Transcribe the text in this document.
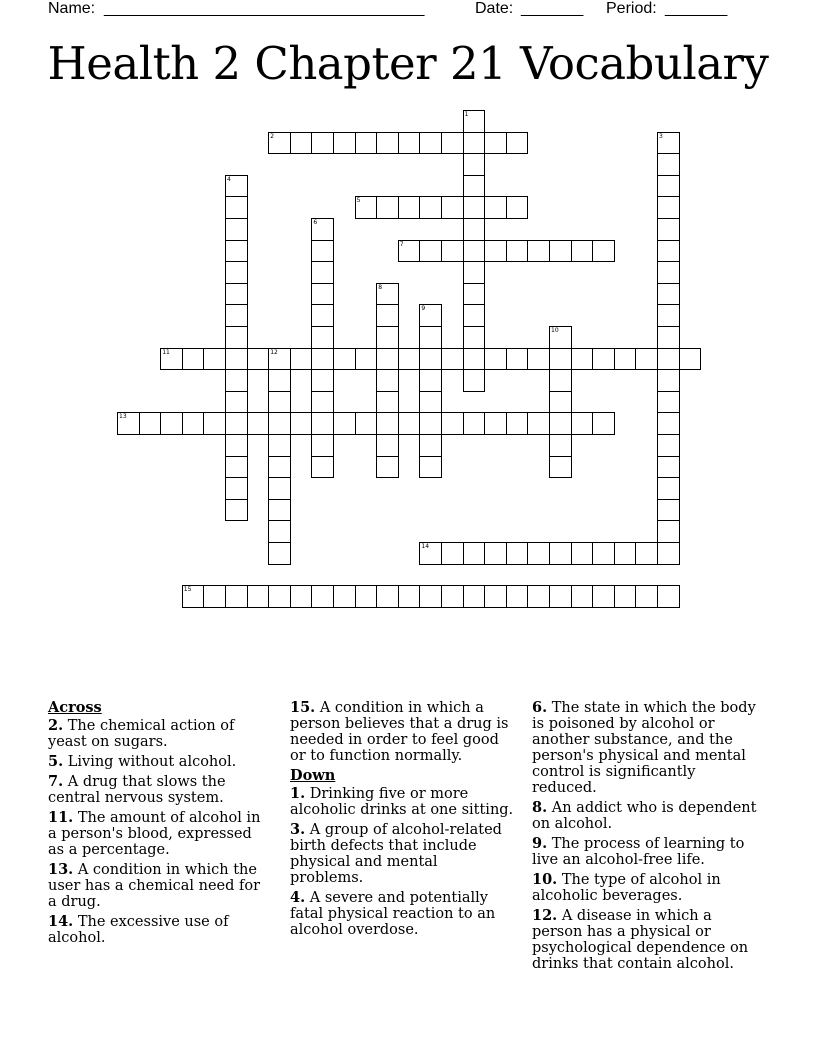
Name: ____________________________________	Date: _______ Period: _______
Health 2 Chapter 21 Vocabulary
1
2	3
4
5
6
7
8
9
10
11	12
13
14
15
Across
2. The chemical action of yeast on sugars.
5. Living without alcohol.
7. A drug that slows the central nervous system.
11. The amount of alcohol in a person's blood, expressed as a percentage.
13. A condition in which the user has a chemical need for a drug.
14. The excessive use of alcohol.
15. A condition in which a person believes that a drug is needed in order to feel good or to function normally.
Down
1. Drinking five or more alcoholic drinks at one sitting.
3. A group of alcohol-related birth defects that include physical and mental problems.
4. A severe and potentially fatal physical reaction to an alcohol overdose.
6. The state in which the body is poisoned by alcohol or another substance, and the person's physical and mental control is significantly reduced.
8. An addict who is dependent on alcohol.
9. The process of learning to live an alcohol-free life.
10. The type of alcohol in alcoholic beverages.
12. A disease in which a person has a physical or psychological dependence on drinks that contain alcohol.
